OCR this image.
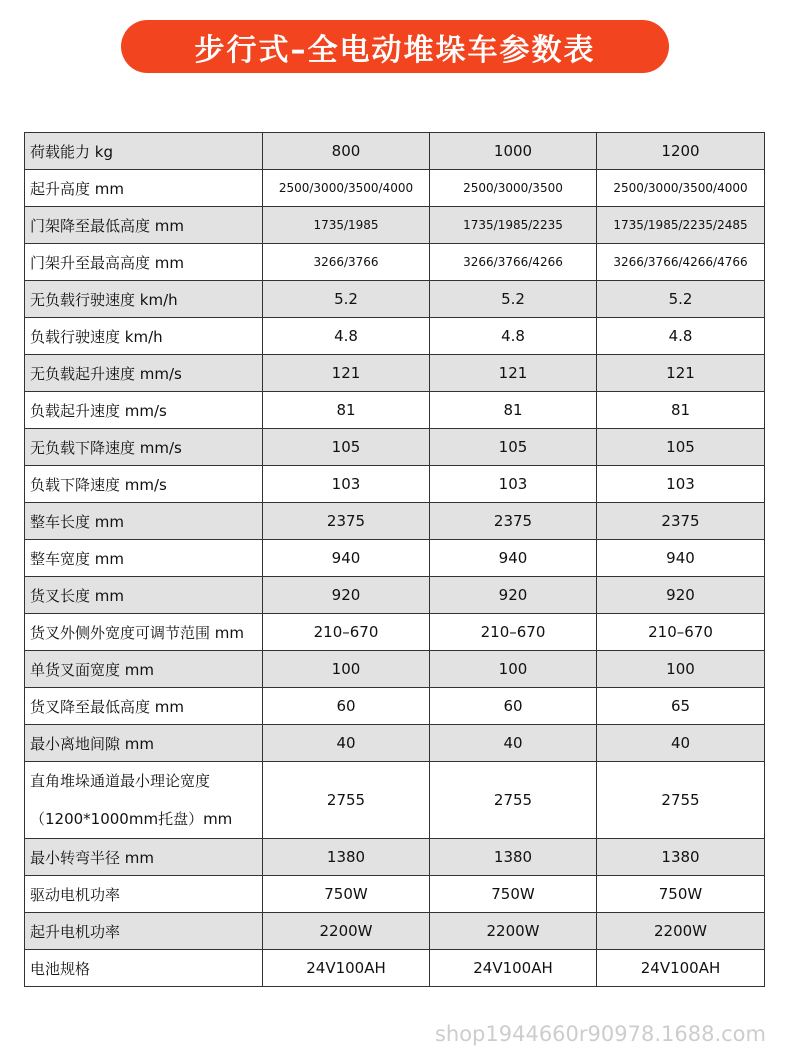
步行式–全电动堆垛车参数表
荷载能力 kg	800	1000	1200
起升高度 mm	2500/3000/3500/4000	2500/3000/3500	2500/3000/3500/4000
门架降至最低高度 mm	1735/1985	1735/1985/2235	1735/1985/2235/2485
门架升至最高高度 mm	3266/3766	3266/3766/4266	3266/3766/4266/4766
无负载行驶速度 km/h	5.2	5.2	5.2
负载行驶速度 km/h	4.8	4.8	4.8
无负载起升速度 mm/s	121	121	121
负载起升速度 mm/s	81	81	81
无负载下降速度 mm/s	105	105	105
负载下降速度 mm/s	103	103	103
整车长度 mm	2375	2375	2375
整车宽度 mm	940	940	940
货叉长度 mm	920	920	920
货叉外侧外宽度可调节范围 mm	210–670	210–670	210–670
单货叉面宽度 mm	100	100	100
货叉降至最低高度 mm	60	60	65
最小离地间隙 mm	40	40	40

直角堆垛通道最小理论宽度
（1200*1000mm托盘）mm	2755	2755	2755
最小转弯半径 mm	1380	1380	1380
驱动电机功率	750W	750W	750W
起升电机功率	2200W	2200W	2200W
电池规格	24V100AH	24V100AH	24V100AH
shop1944660r90978.1688.com
